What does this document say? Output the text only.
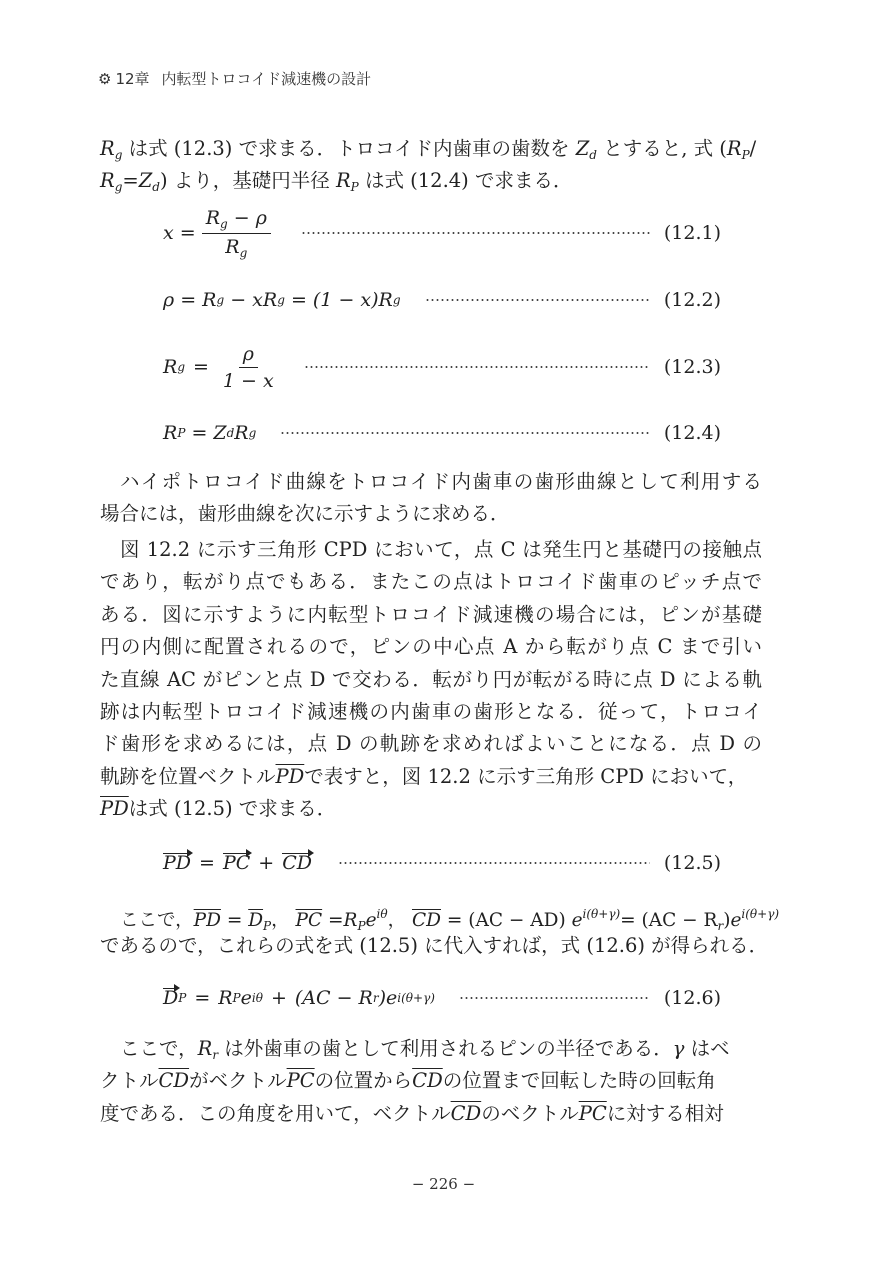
⚙ 12章 内転型トロコイド減速機の設計
$R_g$ は式 (12.3) で求まる．トロコイド内歯車の歯数を $Z_d$ とすると, 式 ($R_P/$
$R_g=Z_d$) より，基礎円半径 $R_P$ は式 (12.4) で求まる．
$x = \frac{R_g - \rho}{R_g}$	(12.1)
ρ = R g
− xR g
= (1 − x)R g	(12.2)
R $g = \frac{\rho}{1 - x}$	(12.3)
R P
= Z d R g	(12.4)
ハイポトロコイド曲線をトロコイド内歯車の歯形曲線として利用する
場合には，歯形曲線を次に示すように求める．
図 12.2 に示す三角形 CPD において，点 C は発生円と基礎円の接触点
であり，転がり点でもある．またこの点はトロコイド歯車のピッチ点で
ある．図に示すように内転型トロコイド減速機の場合には，ピンが基礎
円の内側に配置されるので，ピンの中心点 A から転がり点 C まで引い
た直線 AC がピンと点 D で交わる．転がり円が転がる時に点 D による軌
跡は内転型トロコイド減速機の内歯車の歯形となる．従って，トロコイ
ド歯形を求めるには，点 D の軌跡を求めればよいことになる．点 D の
軌跡を位置ベクトル$\overline{PD}$で表すと，図 12.2 に示す三角形 CPD において，
$\overline{PD}$は式 (12.5) で求まる．
PD = PC + CD	(12.5)
ここで，$\overline{PD} = \overline{D}_P$， $\overline{PC} =R_Pe^{i\theta}$， $\overline{CD} = (AC - AD)$ $e^{i(\theta+\gamma)}= (AC - R_r)e^{i(\theta+\gamma)}$
であるので，これらの式を式 (12.5) に代入すれば，式 (12.6) が得られる．
D P = R P e iθ + (AC − R r )e i(θ+γ)	(12.6)
ここで，$R_r$ は外歯車の歯として利用されるピンの半径である．γ はベ
クトル$\overline{CD}$がベクトル$\overline{PC}$の位置から$\overline{CD}$の位置まで回転した時の回転角
度である．この角度を用いて，ベクトル$\overline{CD}$のベクトル$\overline{PC}$に対する相対
− 226 −
